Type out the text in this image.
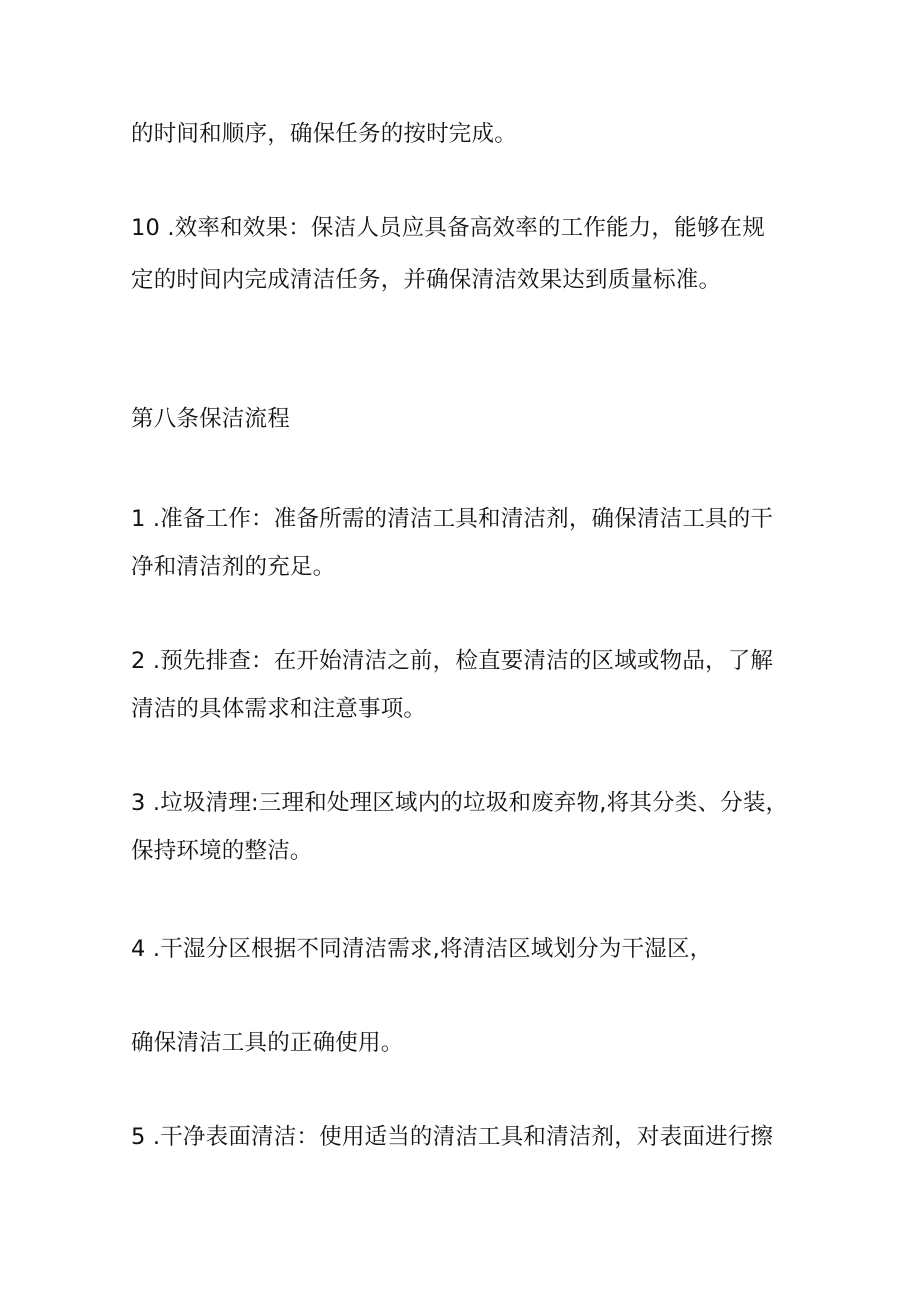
的时间和顺序，确保任务的按时完成。
10 .效率和效果：保洁人员应具备高效率的工作能力，能够在规
定的时间内完成清洁任务，并确保清洁效果达到质量标准。
第八条保洁流程
1 .准备工作：准备所需的清洁工具和清洁剂，确保清洁工具的干
净和清洁剂的充足。
2 .预先排查：在开始清洁之前，检直要清洁的区域或物品，了解
清洁的具体需求和注意事项。
3 .垃圾清理:三理和处理区域内的垃圾和废弃物,将其分类、分装，
保持环境的整洁。
4 .干湿分区根据不同清洁需求,将清洁区域划分为干湿区，
确保清洁工具的正确使用。
5 .干净表面清洁：使用适当的清洁工具和清洁剂，对表面进行擦
